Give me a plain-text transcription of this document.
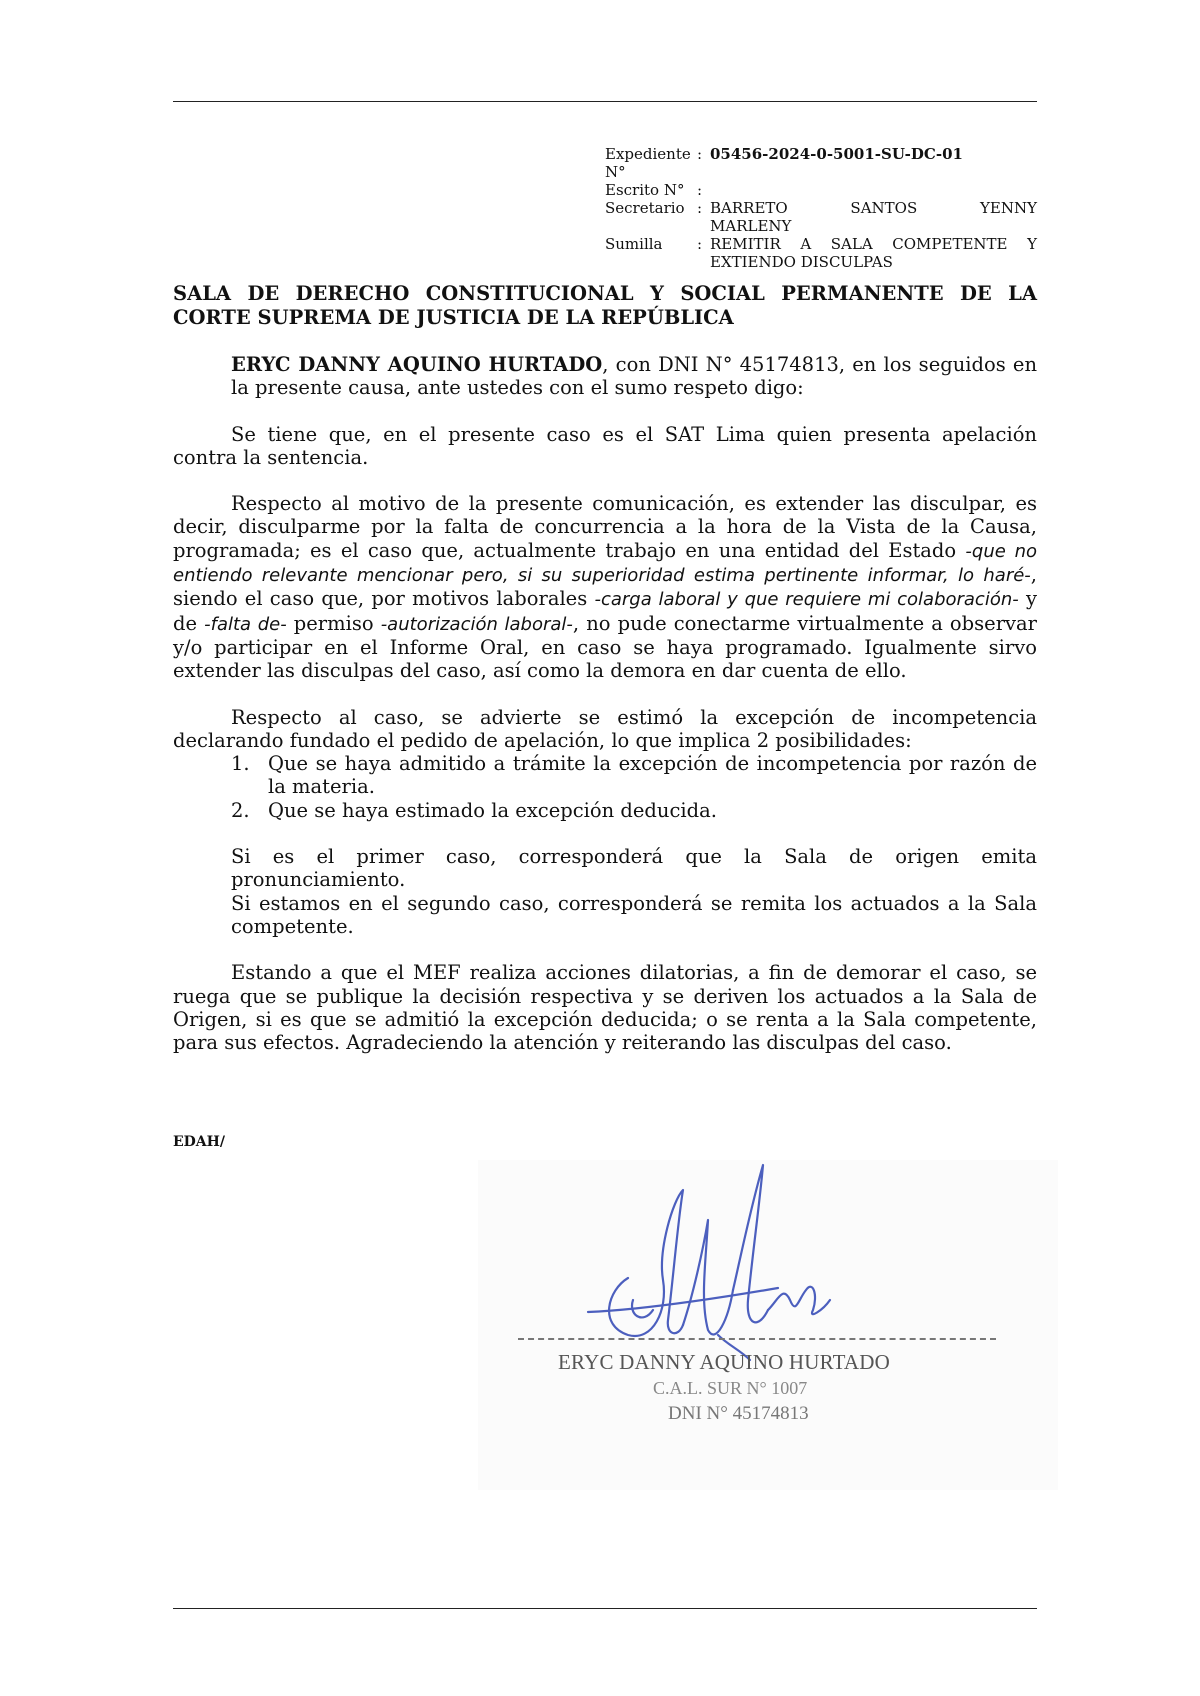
Expediente N°
: 05456-2024-0-5001-SU-DC-01
Escrito N° :
Secretario : BARRETO SANTOS YENNY
MARLENY
Sumilla	: REMITIR A SALA COMPETENTE Y
EXTIENDO DISCULPAS
SALA DE DERECHO CONSTITUCIONAL Y SOCIAL PERMANENTE DE LA CORTE SUPREMA DE JUSTICIA DE LA REPÚBLICA

ERYC DANNY AQUINO HURTADO, con DNI N° 45174813, en los seguidos en la presente causa, ante ustedes con el sumo respeto digo:

Se tiene que, en el presente caso es el SAT Lima quien presenta apelación contra la sentencia.

Respecto al motivo de la presente comunicación, es extender las disculpar, es decir, disculparme por la falta de concurrencia a la hora de la Vista de la Causa, programada; es el caso que, actualmente trabajo en una entidad del Estado -que no entiendo relevante mencionar pero, si su superioridad estima pertinente informar, lo haré-, siendo el caso que, por motivos laborales -carga laboral y que requiere mi colaboración- y de -falta de- permiso -autorización laboral-, no pude conectarme virtualmente a observar y/o participar en el Informe Oral, en caso se haya programado. Igualmente sirvo extender las disculpas del caso, así como la demora en dar cuenta de ello.

Respecto al caso, se advierte se estimó la excepción de incompetencia declarando fundado el pedido de apelación, lo que implica 2 posibilidades:

1. Que se haya admitido a trámite la excepción de incompetencia por razón de la materia.
2. Que se haya estimado la excepción deducida.

Si es el primer caso, corresponderá que la Sala de origen emita pronunciamiento.

Si estamos en el segundo caso, corresponderá se remita los actuados a la Sala competente.

Estando a que el MEF realiza acciones dilatorias, a fin de demorar el caso, se ruega que se publique la decisión respectiva y se deriven los actuados a la Sala de Origen, si es que se admitió la excepción deducida; o se renta a la Sala competente, para sus efectos. Agradeciendo la atención y reiterando las disculpas del caso.

EDAH/
ERYC DANNY AQUINO HURTADO
C.A.L. SUR N° 1007
DNI N° 45174813
